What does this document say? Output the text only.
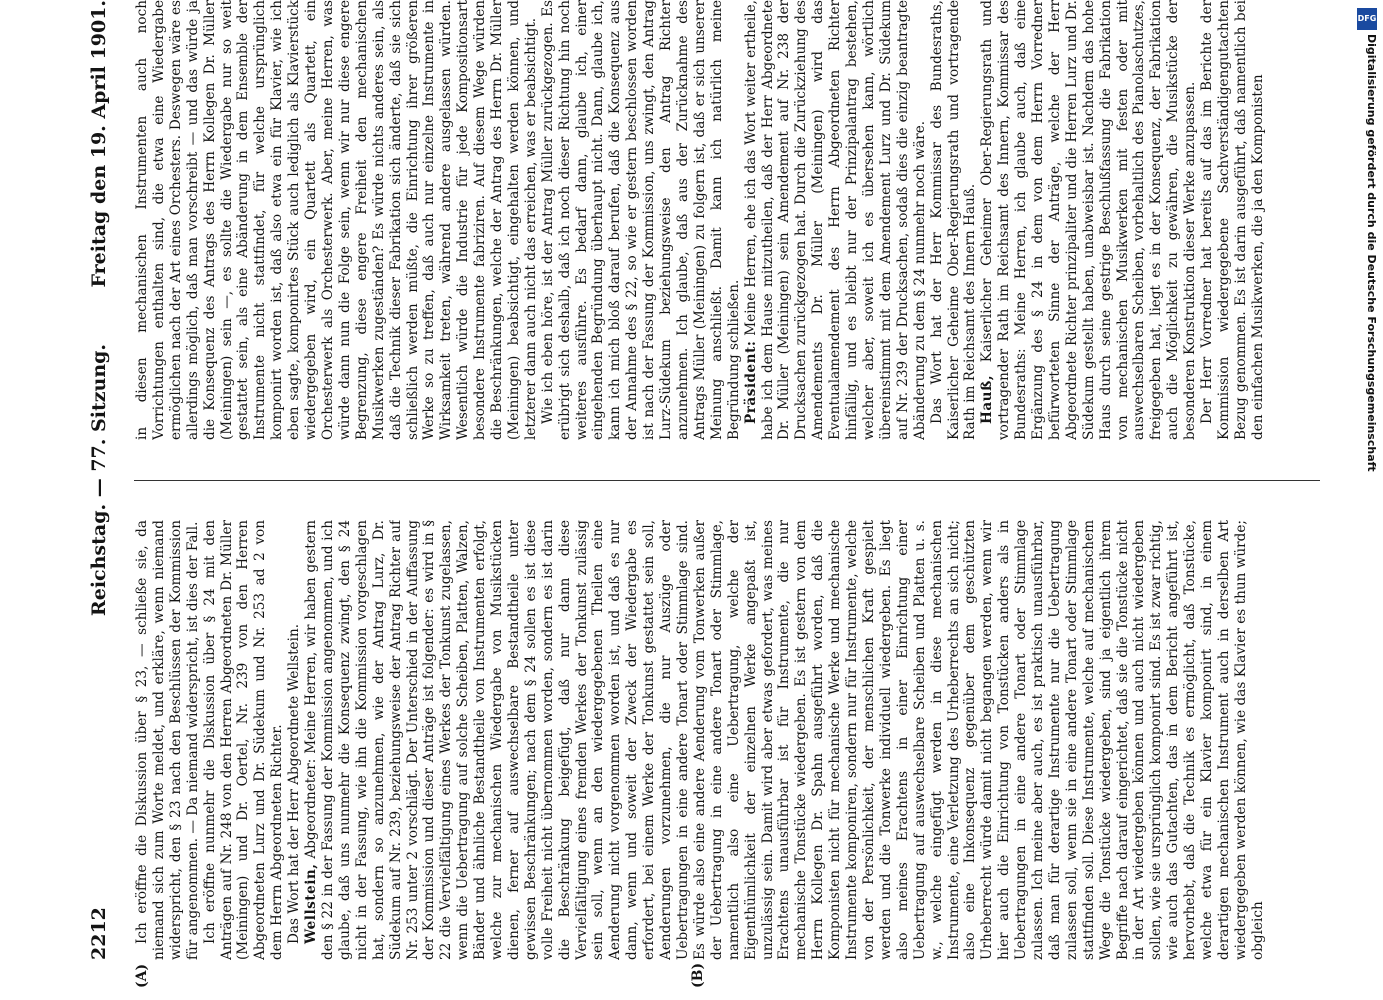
2212
Reichstag. — 77. Sitzung.
Freitag den 19. April 1901.
(A)	(B)

Ich eröffne die Diskussion über § 23, — schließe sie, da niemand sich zum Worte meldet, und erkläre, wenn niemand widerspricht, den § 23 nach den Beschlüssen der Kommission für angenommen. — Da niemand widerspricht, ist dies der Fall. Ich eröffne nunmehr die Diskussion über § 24 mit den Anträgen auf Nr. 248 von den Herren Abgeordneten Dr. Müller (Meiningen) und Dr. Oertel, Nr. 239 von den Herren Abgeordneten Lurz und Dr. Südekum und Nr. 253 ad 2 von dem Herrn Abgeordneten Richter. Das Wort hat der Herr Abgeordnete Wellstein. Wellstein, Abgeordneter: Meine Herren, wir haben gestern den § 22 in der Fassung der Kommission angenommen, und ich glaube, daß uns nunmehr die Konsequenz zwingt, den § 24 nicht in der Fassung, wie ihn die Kommission vorgeschlagen hat, sondern so anzunehmen, wie der Antrag Lurz, Dr. Südekum auf Nr. 239, beziehungsweise der Antrag Richter auf Nr. 253 unter 2 vorschlägt. Der Unterschied in der Auffassung der Kommission und dieser Anträge ist folgender: es wird in § 22 die Vervielfältigung eines Werkes der Tonkunst zugelassen, wenn die Uebertragung auf solche Scheiben, Platten, Walzen, Bänder und ähnliche Bestandtheile von Instrumenten erfolgt, welche zur mechanischen Wiedergabe von Musikstücken dienen, ferner auf auswechselbare Bestandtheile unter gewissen Beschränkungen; nach dem § 24 sollen es ist diese volle Freiheit nicht übernommen worden, sondern es ist darin die Beschränkung beigefügt, daß nur dann diese Vervielfältigung eines fremden Werkes der Tonkunst zulässig sein soll, wenn an den wiedergegebenen Theilen eine Aenderung nicht vorgenommen worden ist, und daß es nur dann, wenn und soweit der Zweck der Wiedergabe es erfordert, bei einem Werke der Tonkunst gestattet sein soll, Aenderungen vorzunehmen, die nur Auszüge oder Uebertragungen in eine andere Tonart oder Stimmlage sind. Es würde also eine andere Aenderung vom Tonwerken außer der Uebertragung in eine andere Tonart oder Stimmlage, namentlich also eine Uebertragung, welche der Eigenthümlichkeit der einzelnen Werke angepaßt ist, unzulässig sein. Damit wird aber etwas gefordert, was meines Erachtens unausführbar ist für Instrumente, die nur mechanische Tonstücke wiedergeben. Es ist gestern von dem Herrn Kollegen Dr. Spahn ausgeführt worden, daß die Komponisten nicht für mechanische Werke und mechanische Instrumente komponiren, sondern nur für Instrumente, welche von der Persönlichkeit, der menschlichen Kraft gespielt werden und die Tonwerke individuell wiedergeben. Es liegt also meines Erachtens in einer Einrichtung einer Uebertragung auf auswechselbare Scheiben und Platten u. s. w., welche eingefügt werden in diese mechanischen Instrumente, eine Verletzung des Urheberrechts an sich nicht; also eine Inkonsequenz gegenüber dem geschützten Urheberrecht würde damit nicht begangen werden, wenn wir hier auch die Einrichtung von Tonstücken anders als in Uebertragungen in eine andere Tonart oder Stimmlage zulassen. Ich meine aber auch, es ist praktisch unausführbar, daß man für derartige Instrumente nur die Uebertragung zulassen soll, wenn sie in eine andere Tonart oder Stimmlage stattfinden soll. Diese Instrumente, welche auf mechanischem Wege die Tonstücke wiedergeben, sind ja eigentlich ihrem Begriffe nach darauf eingerichtet, daß sie die Tonstücke nicht in der Art wiedergeben können und auch nicht wiedergeben sollen, wie sie ursprünglich komponirt sind. Es ist zwar richtig, wie auch das Gutachten, das in dem Bericht angeführt ist, hervorhebt, daß die Technik es ermöglicht, daß Tonstücke, welche etwa für ein Klavier komponirt sind, in einem derartigen mechanischen Instrument auch in derselben Art wiedergegeben werden können, wie das Klavier es thun würde; obgleich

in diesen mechanischen Instrumenten auch noch Vorrichtungen enthalten sind, die etwa eine Wiedergabe ermöglichen nach der Art eines Orchesters. Deswegen wäre es allerdings möglich, daß man vorschreibt — und das würde ja die Konsequenz des Antrags des Herrn Kollegen Dr. Müller (Meiningen) sein —, es sollte die Wiedergabe nur so weit gestattet sein, als eine Abänderung in dem Ensemble der Instrumente nicht stattfindet, für welche ursprünglich komponirt worden ist, daß also etwa ein für Klavier, wie ich eben sagte, komponirtes Stück auch lediglich als Klavierstück wiedergegeben wird, ein Quartett als Quartett, ein Orchesterwerk als Orchesterwerk. Aber, meine Herren, was würde dann nun die Folge sein, wenn wir nur diese engere Begrenzung, diese engere Freiheit den mechanischen Musikwerken zugeständen? Es würde nichts anderes sein, als daß die Technik dieser Fabrikation sich änderte, daß sie sich schließlich werden müßte, die Einrichtung ihrer größeren Werke so zu treffen, daß auch nur einzelne Instrumente in Wirksamkeit treten, während andere ausgelassen würden. Wesentlich würde die Industrie für jede Kompositionsart besondere Instrumente fabriziren. Auf diesem Wege würden die Beschränkungen, welche der Antrag des Herrn Dr. Müller (Meiningen) beabsichtigt, eingehalten werden können, und letzterer dann auch nicht das erreichen, was er beabsichtigt. Wie ich eben höre, ist der Antrag Müller zurückgezogen. Es erübrigt sich deshalb, daß ich noch dieser Richtung hin noch weiteres ausführe. Es bedarf dann, glaube ich, einer eingehenden Begründung überhaupt nicht. Dann, glaube ich, kann ich mich bloß darauf berufen, daß die Konsequenz aus der Annahme des § 22, so wie er gestern beschlossen worden ist nach der Fassung der Kommission, uns zwingt, den Antrag Lurz-Südekum beziehungsweise den Antrag Richter anzunehmen. Ich glaube, daß aus der Zurücknahme des Antrags Müller (Meiningen) zu folgern ist, daß er sich unserer Meinung anschließt. Damit kann ich natürlich meine Begründung schließen. Präsident: Meine Herren, ehe ich das Wort weiter ertheile, habe ich dem Hause mitzutheilen, daß der Herr Abgeordnete Dr. Müller (Meiningen) sein Amendement auf Nr. 238 der Drucksachen zurückgezogen hat. Durch die Zurückziehung des Amendements Dr. Müller (Meiningen) wird das Eventualamendement des Herrn Abgeordneten Richter hinfällig, und es bleibt nur der Prinzipalantrag bestehen, welcher aber, soweit ich es übersehen kann, wörtlich übereinstimmt mit dem Amendement Lurz und Dr. Südekum auf Nr. 239 der Drucksachen, sodaß dies die einzig beantragte Abänderung zu dem § 24 nunmehr noch wäre. Das Wort hat der Herr Kommissar des Bundesraths, Kaiserlicher Geheime Ober-Regierungsrath und vortragende Rath im Reichsamt des Innern Hauß. Hauß, Kaiserlicher Geheimer Ober-Regierungsrath und vortragender Rath im Reichsamt des Innern, Kommissar des Bundesraths: Meine Herren, ich glaube auch, daß eine Ergänzung des § 24 in dem von dem Herrn Vorredner befürworteten Sinne der Anträge, welche der Herr Abgeordnete Richter prinzipaliter und die Herren Lurz und Dr. Südekum gestellt haben, unabweisbar ist. Nachdem das hohe Haus durch seine gestrige Beschlußfassung die Fabrikation von mechanischen Musikwerken mit festen oder mit auswechselbaren Scheiben, vorbehaltlich des Pianolaschutzes, freigegeben hat, liegt es in der Konsequenz, der Fabrikation auch die Möglichkeit zu gewähren, die Musikstücke der besonderen Konstruktion dieser Werke anzupassen. Der Herr Vorredner hat bereits auf das im Berichte der Kommission wiedergegebene Sachverständigengutachten Bezug genommen. Es ist darin ausgeführt, daß namentlich bei den einfachen Musikwerken, die ja den Komponisten

DFG
Digitalisierung gefördert durch die Deutsche Forschungsgemeinschaft
